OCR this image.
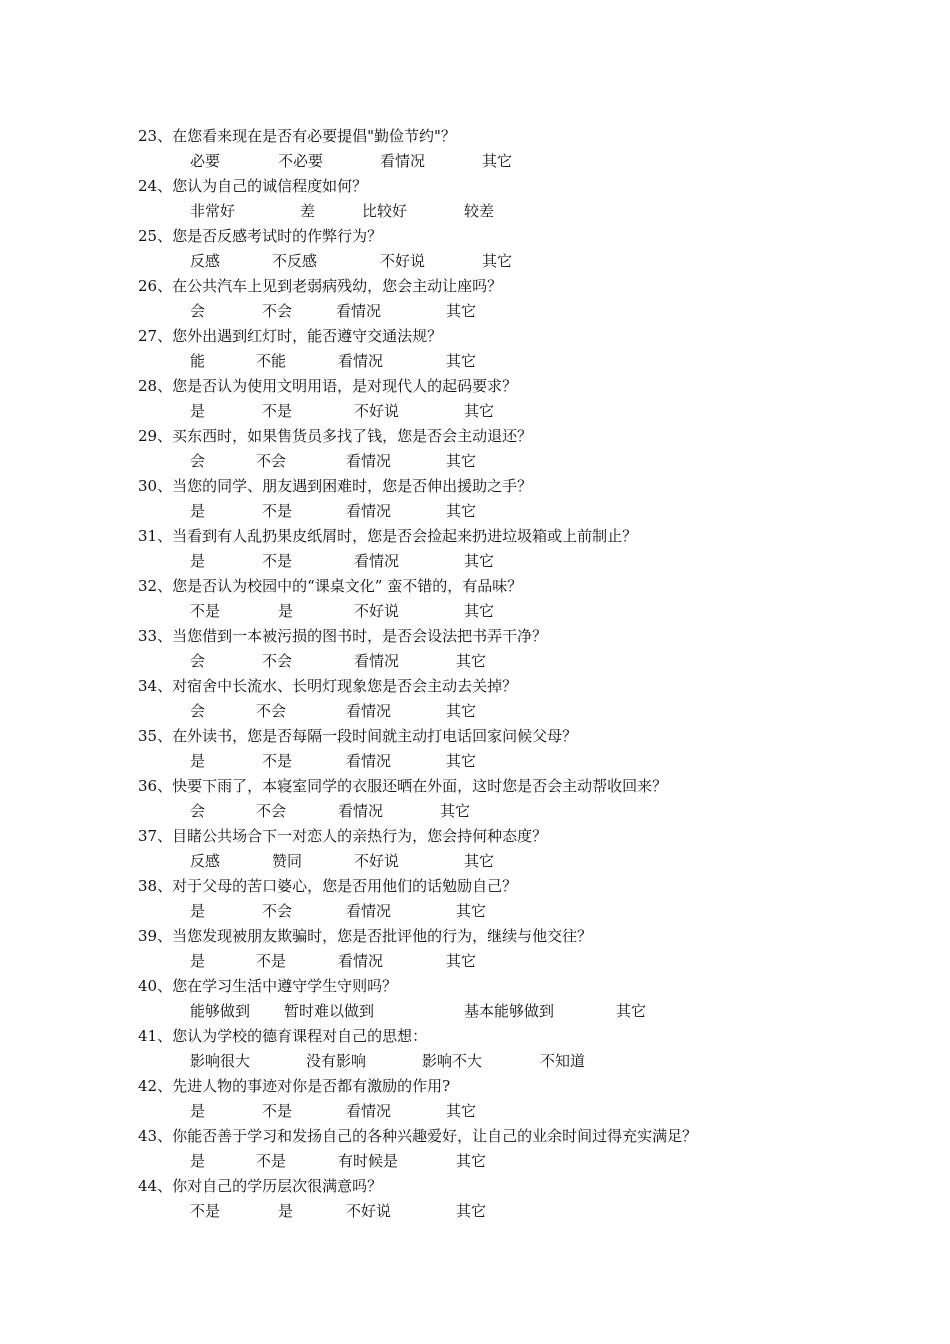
23、在您看来现在是否有必要提倡"勤俭节约"？
必要	不必要	看情况	其它
24、您认为自己的诚信程度如何？
非常好	差	比较好	较差
25、您是否反感考试时的作弊行为？
反感	不反感	不好说	其它
26、在公共汽车上见到老弱病残幼，您会主动让座吗？
会	不会	看情况	其它
27、您外出遇到红灯时，能否遵守交通法规？
能	不能	看情况	其它
28、您是否认为使用文明用语，是对现代人的起码要求？
是	不是	不好说	其它
29、买东西时，如果售货员多找了钱，您是否会主动退还？
会	不会	看情况	其它
30、当您的同学、朋友遇到困难时，您是否伸出援助之手？
是	不是	看情况	其它
31、当看到有人乱扔果皮纸屑时，您是否会捡起来扔进垃圾箱或上前制止？
是	不是	看情况	其它
32、您是否认为校园中的“课桌文化” 蛮不错的，有品味？
不是	是	不好说	其它
33、当您借到一本被污损的图书时，是否会设法把书弄干净？
会	不会	看情况	其它
34、对宿舍中长流水、长明灯现象您是否会主动去关掉？
会	不会	看情况	其它
35、在外读书，您是否每隔一段时间就主动打电话回家问候父母？
是	不是	看情况	其它
36、快要下雨了，本寝室同学的衣服还晒在外面，这时您是否会主动帮收回来？
会	不会	看情况	其它
37、目睹公共场合下一对恋人的亲热行为，您会持何种态度？
反感	赞同	不好说	其它
38、对于父母的苦口婆心，您是否用他们的话勉励自己？
是	不会	看情况	其它
39、当您发现被朋友欺骗时，您是否批评他的行为，继续与他交往？
是	不是	看情况	其它
40、您在学习生活中遵守学生守则吗？
能够做到 暂时难以做到	基本能够做到	其它
41、您认为学校的德育课程对自己的思想：
影响很大	没有影响	影响不大	不知道
42、先进人物的事迹对你是否都有激励的作用?
是	不是	看情况	其它
43、你能否善于学习和发扬自己的各种兴趣爱好，让自己的业余时间过得充实满足？
是	不是	有时候是	其它
44、你对自己的学历层次很满意吗？
不是	是	不好说	其它
